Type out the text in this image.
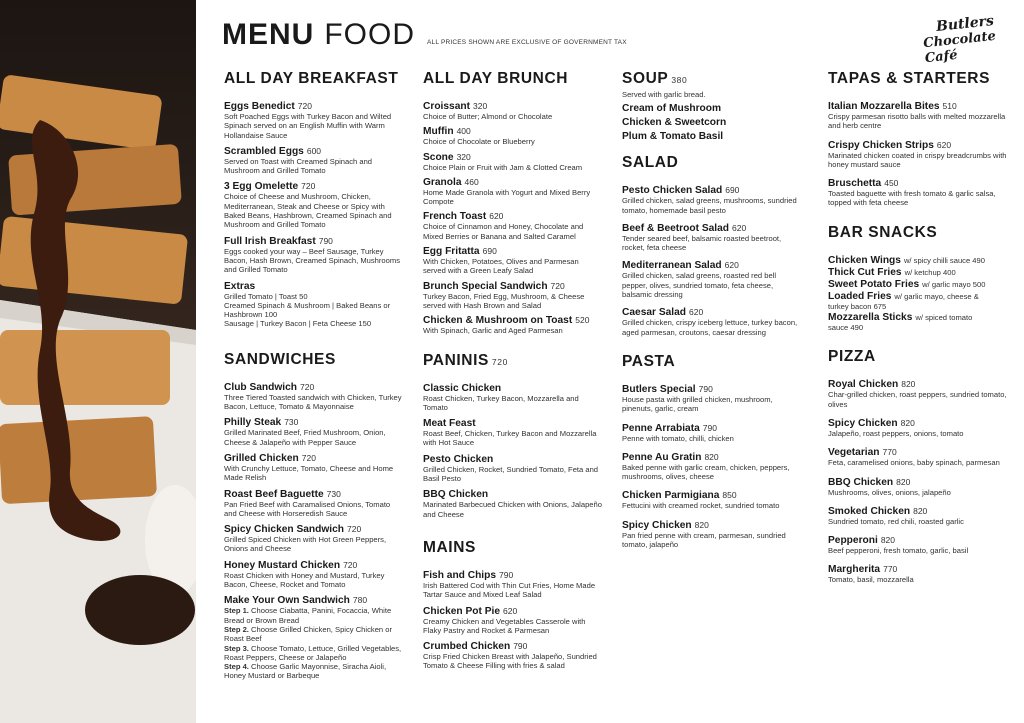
MENU FOOD ALL PRICES SHOWN ARE EXCLUSIVE OF GOVERNMENT TAX
Butlers
Chocolate Café
ALL DAY BREAKFAST
Eggs Benedict 720
Soft Poached Eggs with Turkey Bacon and Wilted Spinach served on an English Muffin with Warm Hollandaise Sauce
Scrambled Eggs 600
Served on Toast with Creamed Spinach and Mushroom and Grilled Tomato
3 Egg Omelette 720
Choice of Cheese and Mushroom, Chicken, Mediterranean, Steak and Cheese or Spicy with Baked Beans, Hashbrown, Creamed Spinach and Mushroom and Grilled Tomato
Full Irish Breakfast 790
Eggs cooked your way – Beef Sausage, Turkey Bacon, Hash Brown, Creamed Spinach, Mushrooms and Grilled Tomato
Extras
Grilled Tomato | Toast 50
Creamed Spinach & Mushroom | Baked Beans or Hashbrown 100
Sausage | Turkey Bacon | Feta Cheese 150
SANDWICHES
Club Sandwich 720
Three Tiered Toasted sandwich with Chicken, Turkey Bacon, Lettuce, Tomato & Mayonnaise
Philly Steak 730
Grilled Marinated Beef, Fried Mushroom, Onion, Cheese & Jalapeño with Pepper Sauce
Grilled Chicken 720
With Crunchy Lettuce, Tomato, Cheese and Home Made Relish
Roast Beef Baguette 730
Pan Fried Beef with Caramalised Onions, Tomato and Cheese with Horseredish Sauce
Spicy Chicken Sandwich 720
Grilled Spiced Chicken with Hot Green Peppers, Onions and Cheese
Honey Mustard Chicken 720
Roast Chicken with Honey and Mustard, Turkey Bacon, Cheese, Rocket and Tomato
Make Your Own Sandwich 780
Step 1. Choose Ciabatta, Panini, Focaccia, White Bread or Brown Bread
Step 2. Choose Grilled Chicken, Spicy Chicken or Roast Beef
Step 3. Choose Tomato, Lettuce, Grilled Vegetables, Roast Peppers, Cheese or Jalapeño
Step 4. Choose Garlic Mayonnise, Siracha Aioli, Honey Mustard or Barbeque
ALL DAY BRUNCH
Croissant 320
Choice of Butter; Almond or Chocolate
Muffin 400
Choice of Chocolate or Blueberry
Scone 320
Choice Plain or Fruit with Jam & Clotted Cream
Granola 460
Home Made Granola with Yogurt and Mixed Berry Compote
French Toast 620
Choice of Cinnamon and Honey, Chocolate and Mixed Berries or Banana and Salted Caramel
Egg Fritatta 690
With Chicken, Potatoes, Olives and Parmesan served with a Green Leafy Salad
Brunch Special Sandwich 720
Turkey Bacon, Fried Egg, Mushroom, & Cheese served with Hash Brown and Salad
Chicken & Mushroom on Toast 520
With Spinach, Garlic and Aged Parmesan
PANINIS 720
Classic Chicken
Roast Chicken, Turkey Bacon, Mozzarella and Tomato
Meat Feast
Roast Beef, Chicken, Turkey Bacon and Mozzarella with Hot Sauce
Pesto Chicken
Grilled Chicken, Rocket, Sundried Tomato, Feta and Basil Pesto
BBQ Chicken
Marinated Barbecued Chicken with Onions, Jalapeño and Cheese
MAINS
Fish and Chips 790
Irish Battered Cod with Thin Cut Fries, Home Made Tartar Sauce and Mixed Leaf Salad
Chicken Pot Pie 620
Creamy Chicken and Vegetables Casserole with Flaky Pastry and Rocket & Parmesan
Crumbed Chicken 790
Crisp Fried Chicken Breast with Jalapeño, Sundried Tomato & Cheese Filling with fries & salad
SOUP 380
Served with garlic bread.
Cream of Mushroom
Chicken & Sweetcorn
Plum & Tomato Basil
SALAD
Pesto Chicken Salad 690
Grilled chicken, salad greens, mushrooms, sundried tomato, homemade basil pesto
Beef & Beetroot Salad 620
Tender seared beef, balsamic roasted beetroot, rocket, feta cheese
Mediterranean Salad 620
Grilled chicken, salad greens, roasted red bell pepper, olives, sundried tomato, feta cheese, balsamic dressing
Caesar Salad 620
Grilled chicken, crispy iceberg lettuce, turkey bacon, aged parmesan, croutons, caesar dressing
PASTA
Butlers Special 790
House pasta with grilled chicken, mushroom, pinenuts, garlic, cream
Penne Arrabiata 790
Penne with tomato, chilli, chicken
Penne Au Gratin 820
Baked penne with garlic cream, chicken, peppers, mushrooms, olives, cheese
Chicken Parmigiana 850
Fettucini with creamed rocket, sundried tomato
Spicy Chicken 820
Pan fried penne with cream, parmesan, sundried tomato, jalapeño
TAPAS & STARTERS
Italian Mozzarella Bites 510
Crispy parmesan risotto balls with melted mozzarella and herb centre
Crispy Chicken Strips 620
Marinated chicken coated in crispy breadcrumbs with honey mustard sauce
Bruschetta 450
Toasted baguette with fresh tomato & garlic salsa, topped with feta cheese
BAR SNACKS
Chicken Wings w/ spicy chilli sauce 490
Thick Cut Fries w/ ketchup 400
Sweet Potato Fries w/ garlic mayo 500
Loaded Fries w/ garlic mayo, cheese &
turkey bacon 675
Mozzarella Sticks w/ spiced tomato
sauce 490
PIZZA
Royal Chicken 820
Char-grilled chicken, roast peppers, sundried tomato, olives
Spicy Chicken 820
Jalapeño, roast peppers, onions, tomato
Vegetarian 770
Feta, caramelised onions, baby spinach, parmesan
BBQ Chicken 820
Mushrooms, olives, onions, jalapeño
Smoked Chicken 820
Sundried tomato, red chili, roasted garlic
Pepperoni 820
Beef pepperoni, fresh tomato, garlic, basil
Margherita 770
Tomato, basil, mozzarella
